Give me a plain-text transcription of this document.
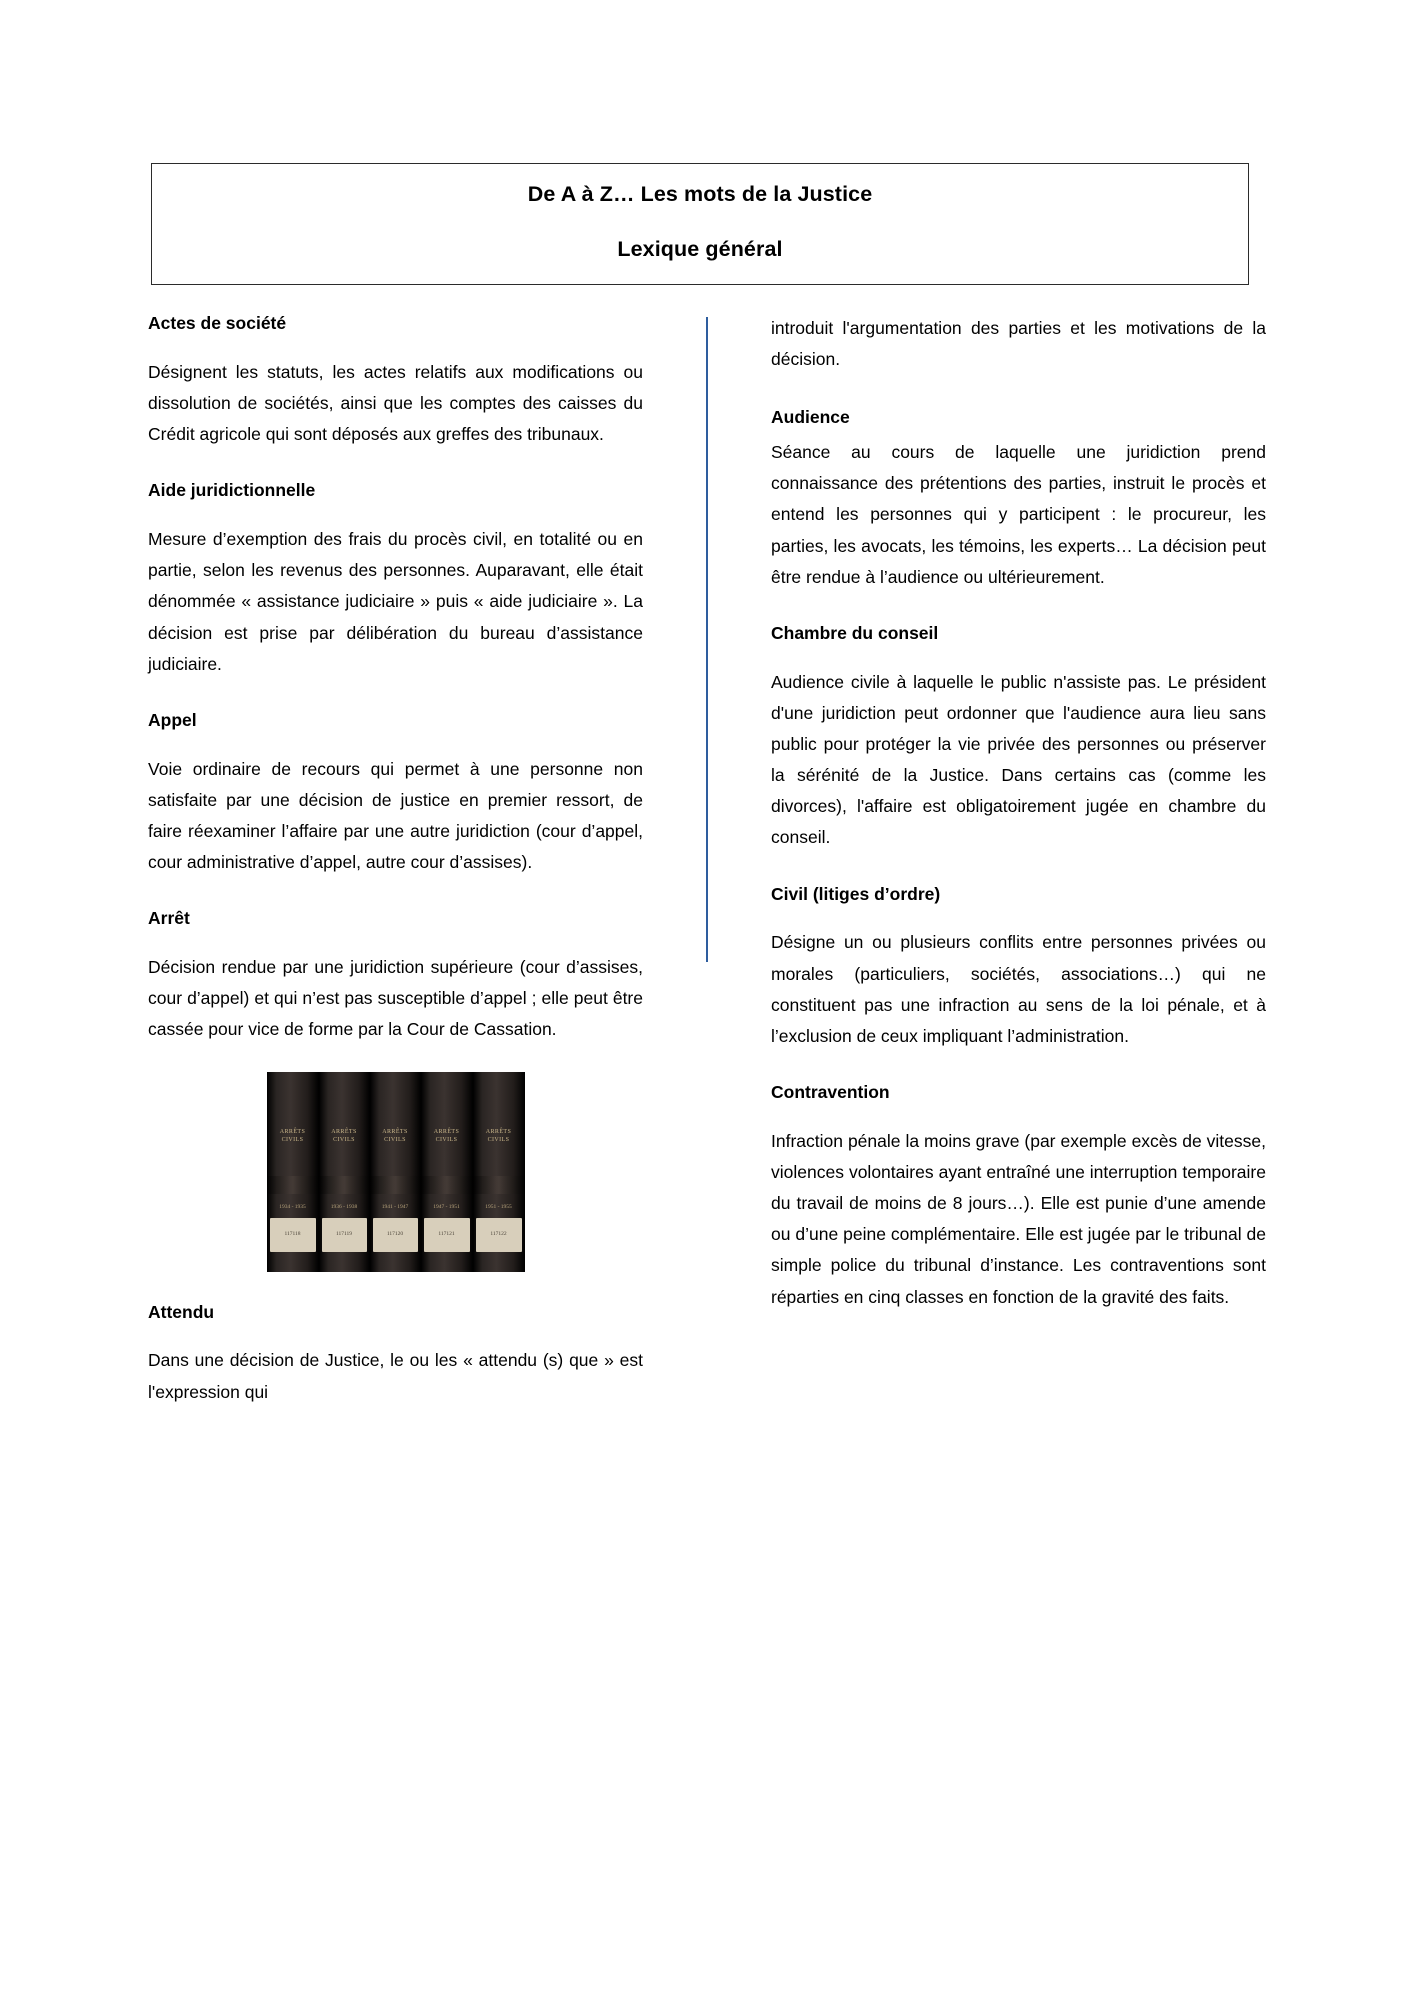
De A à Z… Les mots de la Justice
Lexique général
Actes de société

Désignent les statuts, les actes relatifs aux modifications ou dissolution de sociétés, ainsi que les comptes des caisses du Crédit agricole qui sont déposés aux greffes des tribunaux.

Aide juridictionnelle

Mesure d’exemption des frais du procès civil, en totalité ou en partie, selon les revenus des personnes. Auparavant, elle était dénommée « assistance judiciaire » puis « aide judiciaire ». La décision est prise par délibération du bureau d’assistance judiciaire.

Appel

Voie ordinaire de recours qui permet à une personne non satisfaite par une décision de justice en premier ressort, de faire réexaminer l’affaire par une autre juridiction (cour d’appel, cour administrative d’appel, autre cour d’assises).

Arrêt

Décision rendue par une juridiction supérieure (cour d’assises, cour d’appel) et qui n’est pas susceptible d’appel ; elle peut être cassée pour vice de forme par la Cour de Cassation.

ARRÊTS CIVILS
1934 - 1935
117118
ARRÊTS CIVILS
1936 - 1938
117119
ARRÊTS CIVILS
1941 - 1947
117120
ARRÊTS CIVILS
1947 - 1951
117121
ARRÊTS CIVILS
1951 - 1955
117122
Attendu

Dans une décision de Justice, le ou les « attendu (s) que » est l'expression qui

introduit l'argumentation des parties et les motivations de la décision.

Audience

Séance au cours de laquelle une juridiction prend connaissance des prétentions des parties, instruit le procès et entend les personnes qui y participent : le procureur, les parties, les avocats, les témoins, les experts… La décision peut être rendue à l’audience ou ultérieurement.

Chambre du conseil

Audience civile à laquelle le public n'assiste pas. Le président d'une juridiction peut ordonner que l'audience aura lieu sans public pour protéger la vie privée des personnes ou préserver la sérénité de la Justice. Dans certains cas (comme les divorces), l'affaire est obligatoirement jugée en chambre du conseil.

Civil (litiges d’ordre)

Désigne un ou plusieurs conflits entre personnes privées ou morales (particuliers, sociétés, associations…) qui ne constituent pas une infraction au sens de la loi pénale, et à l’exclusion de ceux impliquant l’administration.

Contravention

Infraction pénale la moins grave (par exemple excès de vitesse, violences volontaires ayant entraîné une interruption temporaire du travail de moins de 8 jours…). Elle est punie d’une amende ou d’une peine complémentaire. Elle est jugée par le tribunal de simple police du tribunal d’instance. Les contraventions sont réparties en cinq classes en fonction de la gravité des faits.
